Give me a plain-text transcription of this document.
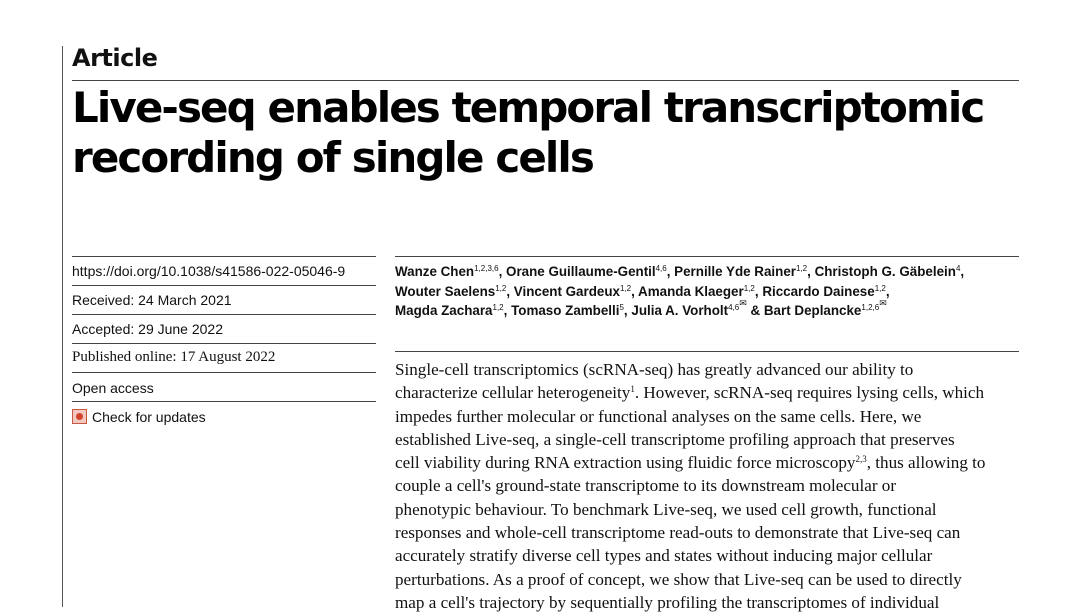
Article
Live-seq enables temporal transcriptomic
recording of single cells
https://doi.org/10.1038/s41586-022-05046-9
Received: 24 March 2021
Accepted: 29 June 2022
Published online: 17 August 2022
Open access
Check for updates
Wanze Chen$^{1,2,3,6}$, Orane Guillaume-Gentil$^{4,6}$, Pernille Yde Rainer$^{1,2}$, Christoph G. Gäbelein$^4$,
Wouter Saelens$^{1,2}$, Vincent Gardeux$^{1,2}$, Amanda Klaeger$^{1,2}$, Riccardo Dainese$^{1,2}$,
Magda Zachara$^{1,2}$, Tomaso Zambelli$^5$, Julia A. Vorholt$^{4,6✉}$ & Bart Deplancke$^{1,2,6✉}$
Single-cell transcriptomics (scRNA-seq) has greatly advanced our ability to
characterize cellular heterogeneity$^1$. However, scRNA-seq requires lysing cells, which
impedes further molecular or functional analyses on the same cells. Here, we
established Live-seq, a single-cell transcriptome profiling approach that preserves
cell viability during RNA extraction using fluidic force microscopy$^{2,3}$, thus allowing to
couple a cell's ground-state transcriptome to its downstream molecular or
phenotypic behaviour. To benchmark Live-seq, we used cell growth, functional
responses and whole-cell transcriptome read-outs to demonstrate that Live-seq can
accurately stratify diverse cell types and states without inducing major cellular
perturbations. As a proof of concept, we show that Live-seq can be used to directly
map a cell's trajectory by sequentially profiling the transcriptomes of individual
